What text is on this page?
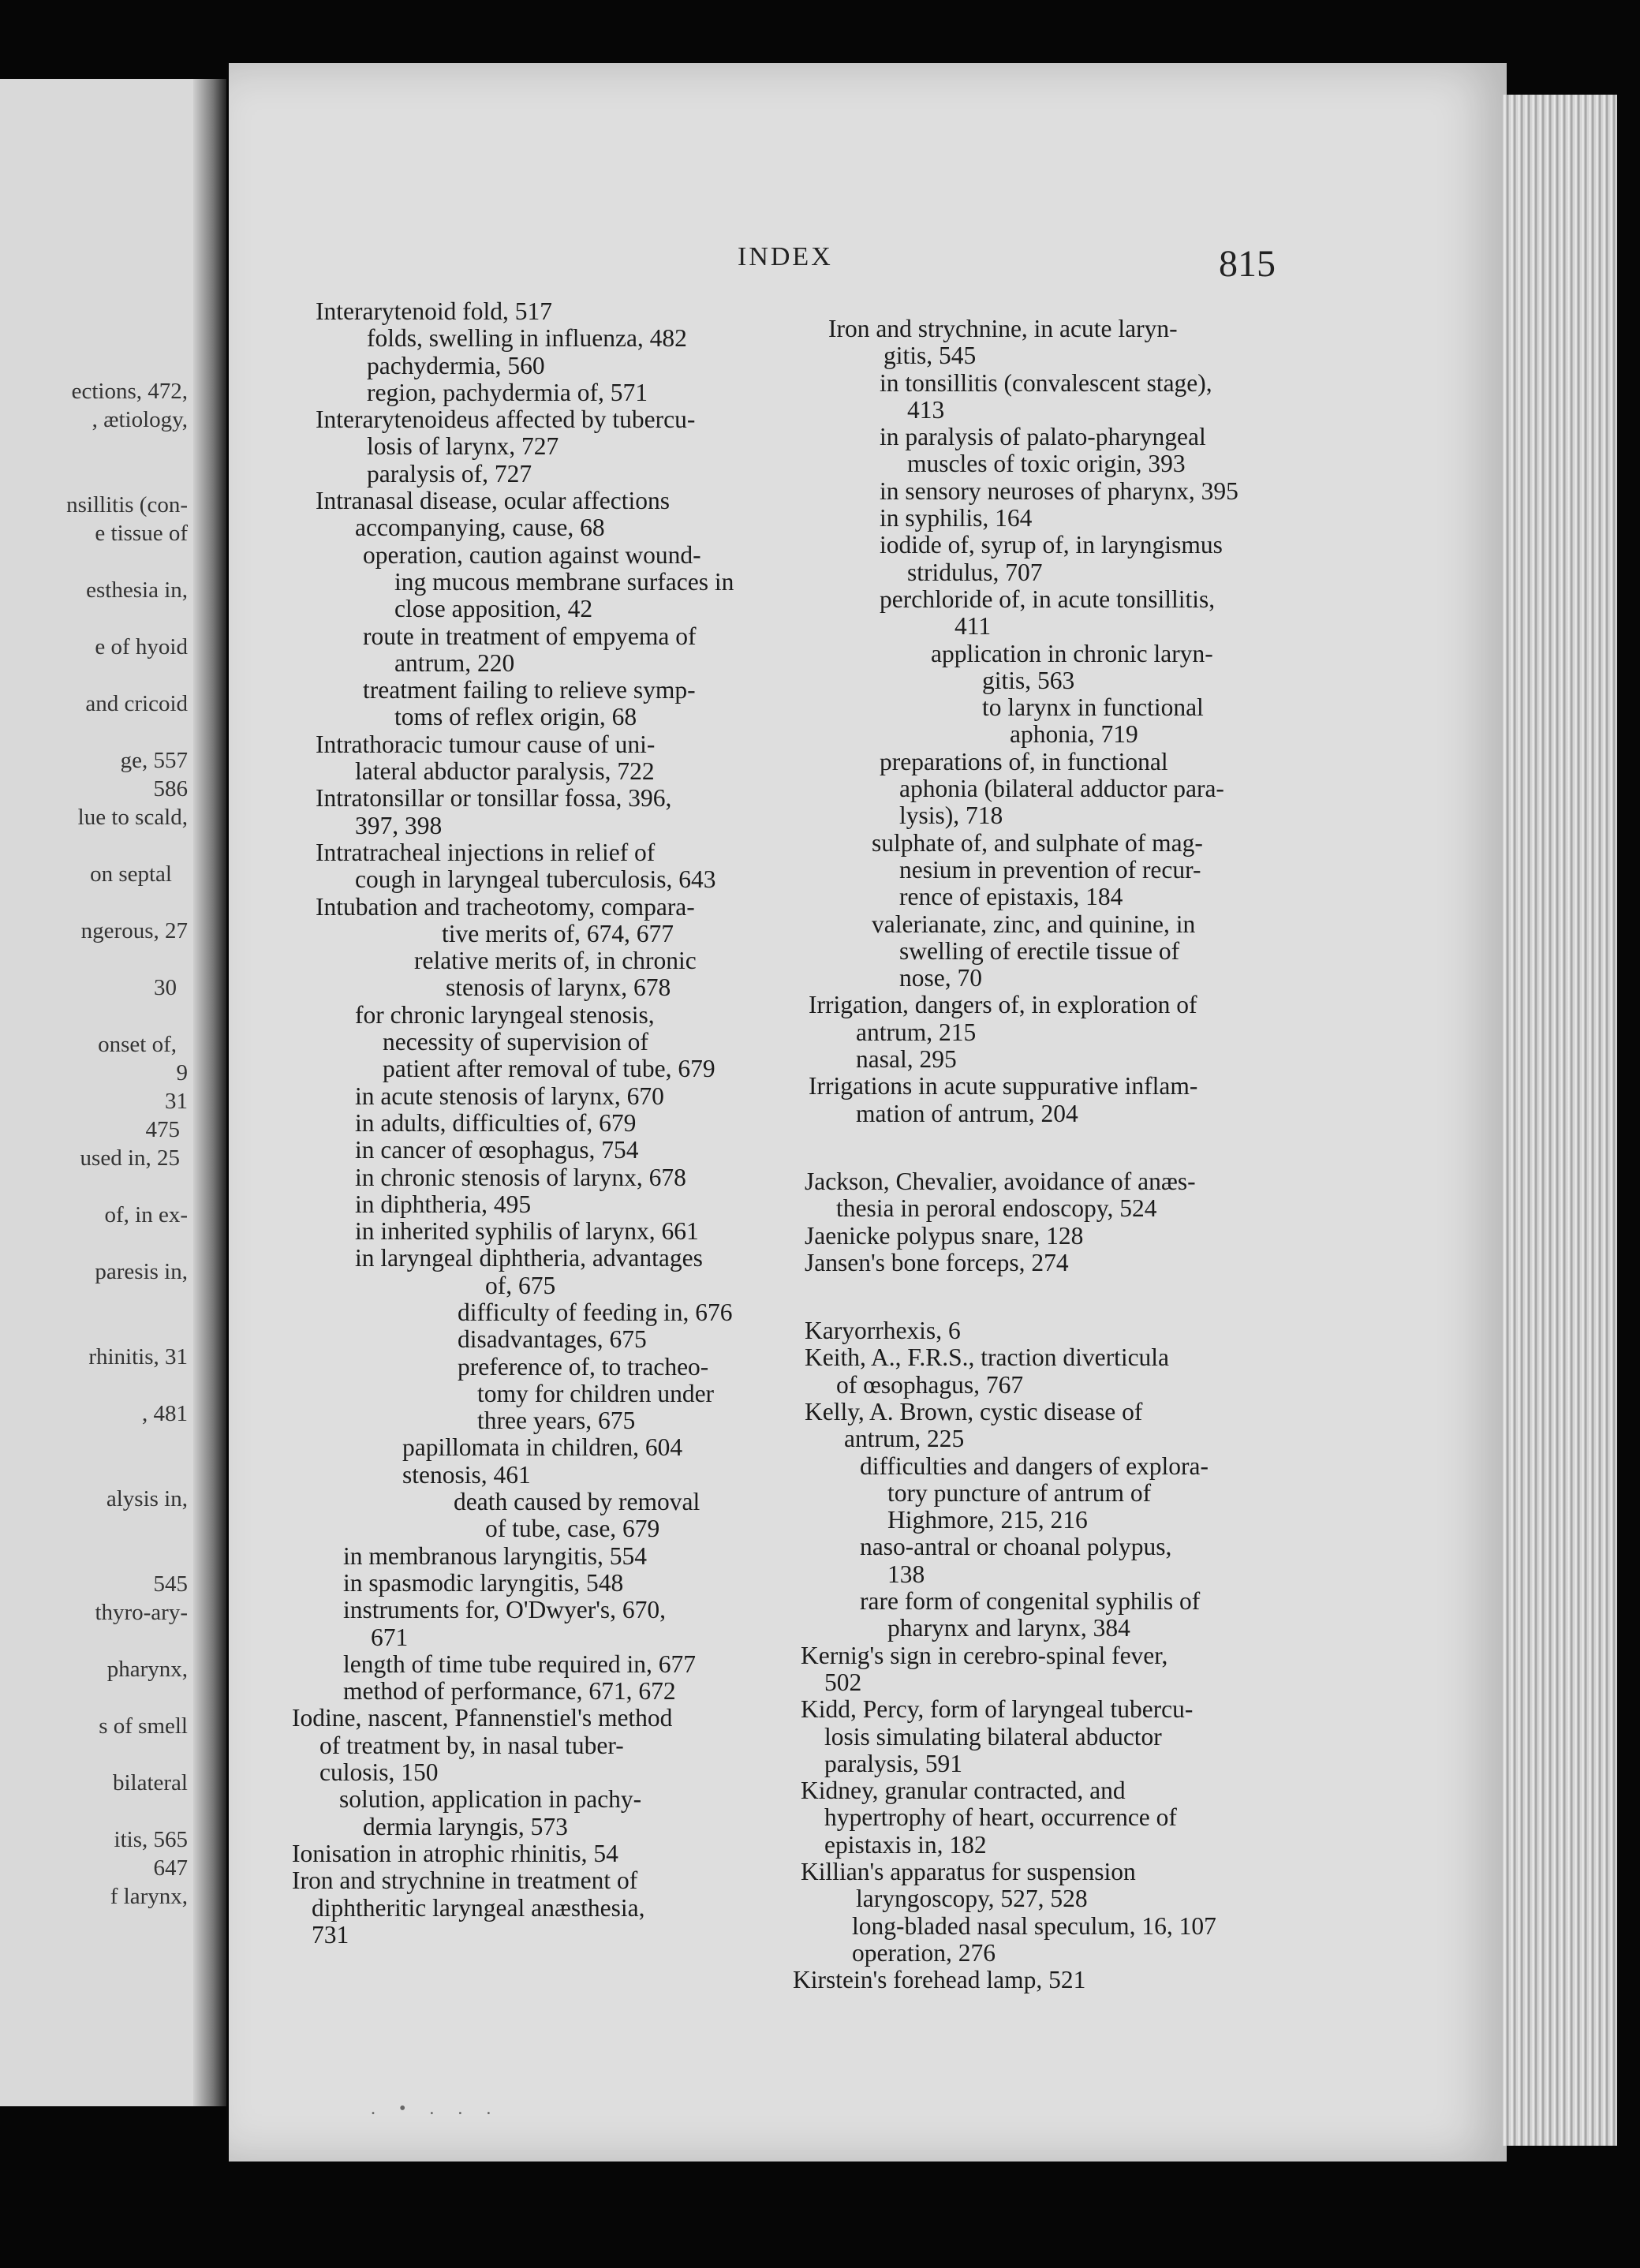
ections, 472,
, ætiology,
nsillitis (con-
e tissue of
esthesia in,
e of hyoid
and cricoid
ge, 557
586
lue to scald,
on septal
ngerous, 27
30
onset of,
9
31
475
used in, 25
of, in ex-
paresis in,
rhinitis, 31
, 481
alysis in,
545
thyro-ary-
pharynx,
s of smell
bilateral
itis, 565
647
f larynx,
INDEX	815
Interarytenoid fold, 517
folds, swelling in influenza, 482
pachydermia, 560
region, pachydermia of, 571
Interarytenoideus affected by tubercu-
losis of larynx, 727
paralysis of, 727
Intranasal disease, ocular affections
accompanying, cause, 68
operation, caution against wound-
ing mucous membrane surfaces in
close apposition, 42
route in treatment of empyema of
antrum, 220
treatment failing to relieve symp-
toms of reflex origin, 68
Intrathoracic tumour cause of uni-
lateral abductor paralysis, 722
Intratonsillar or tonsillar fossa, 396,
397, 398
Intratracheal injections in relief of
cough in laryngeal tuberculosis, 643
Intubation and tracheotomy, compara-
tive merits of, 674, 677
relative merits of, in chronic
stenosis of larynx, 678
for chronic laryngeal stenosis,
necessity of supervision of
patient after removal of tube, 679
in acute stenosis of larynx, 670
in adults, difficulties of, 679
in cancer of œsophagus, 754
in chronic stenosis of larynx, 678
in diphtheria, 495
in inherited syphilis of larynx, 661
in laryngeal diphtheria, advantages
of, 675
difficulty of feeding in, 676
disadvantages, 675
preference of, to tracheo-
tomy for children under
three years, 675
papillomata in children, 604
stenosis, 461
death caused by removal
of tube, case, 679
in membranous laryngitis, 554
in spasmodic laryngitis, 548
instruments for, O'Dwyer's, 670,
671
length of time tube required in, 677
method of performance, 671, 672
Iodine, nascent, Pfannenstiel's method
of treatment by, in nasal tuber-
culosis, 150
solution, application in pachy-
dermia laryngis, 573
Ionisation in atrophic rhinitis, 54
Iron and strychnine in treatment of
diphtheritic laryngeal anæsthesia,
731
Iron and strychnine, in acute laryn-
gitis, 545
in tonsillitis (convalescent stage),
413
in paralysis of palato-pharyngeal
muscles of toxic origin, 393
in sensory neuroses of pharynx, 395
in syphilis, 164
iodide of, syrup of, in laryngismus
stridulus, 707
perchloride of, in acute tonsillitis,
411
application in chronic laryn-
gitis, 563
to larynx in functional
aphonia, 719
preparations of, in functional
aphonia (bilateral adductor para-
lysis), 718
sulphate of, and sulphate of mag-
nesium in prevention of recur-
rence of epistaxis, 184
valerianate, zinc, and quinine, in
swelling of erectile tissue of
nose, 70
Irrigation, dangers of, in exploration of
antrum, 215
nasal, 295
Irrigations in acute suppurative inflam-
mation of antrum, 204
Jackson, Chevalier, avoidance of anæs-
thesia in peroral endoscopy, 524
Jaenicke polypus snare, 128
Jansen's bone forceps, 274
Karyorrhexis, 6
Keith, A., F.R.S., traction diverticula
of œsophagus, 767
Kelly, A. Brown, cystic disease of
antrum, 225
difficulties and dangers of explora-
tory puncture of antrum of
Highmore, 215, 216
naso-antral or choanal polypus,
138
rare form of congenital syphilis of
pharynx and larynx, 384
Kernig's sign in cerebro-spinal fever,
502
Kidd, Percy, form of laryngeal tubercu-
losis simulating bilateral abductor
paralysis, 591
Kidney, granular contracted, and
hypertrophy of heart, occurrence of
epistaxis in, 182
Killian's apparatus for suspension
laryngoscopy, 527, 528
long-bladed nasal speculum, 16, 107
operation, 276
Kirstein's forehead lamp, 521
. • . . .
